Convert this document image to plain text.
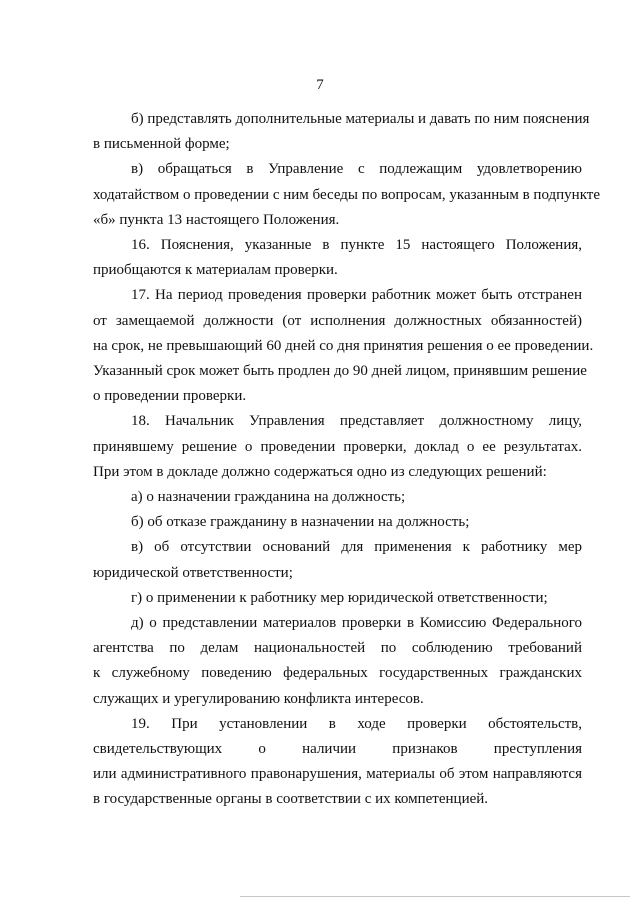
7
б) представлять дополнительные материалы и давать по ним пояснения
в письменной форме;
в) обращаться в Управление с подлежащим удовлетворению
ходатайством о проведении с ним беседы по вопросам, указанным в подпункте
«б» пункта 13 настоящего Положения.
16. Пояснения, указанные в пункте 15 настоящего Положения,
приобщаются к материалам проверки.
17. На период проведения проверки работник может быть отстранен
от замещаемой должности (от исполнения должностных обязанностей)
на срок, не превышающий 60 дней со дня принятия решения о ее проведении.
Указанный срок может быть продлен до 90 дней лицом, принявшим решение
о проведении проверки.
18. Начальник Управления представляет должностному лицу,
принявшему решение о проведении проверки, доклад о ее результатах.
При этом в докладе должно содержаться одно из следующих решений:
а) о назначении гражданина на должность;
б) об отказе гражданину в назначении на должность;
в) об отсутствии оснований для применения к работнику мер
юридической ответственности;
г) о применении к работнику мер юридической ответственности;
д) о представлении материалов проверки в Комиссию Федерального
агентства по делам национальностей по соблюдению требований
к служебному поведению федеральных государственных гражданских
служащих и урегулированию конфликта интересов.
19. При установлении в ходе проверки обстоятельств,
свидетельствующих о наличии признаков преступления
или административного правонарушения, материалы об этом направляются
в государственные органы в соответствии с их компетенцией.
